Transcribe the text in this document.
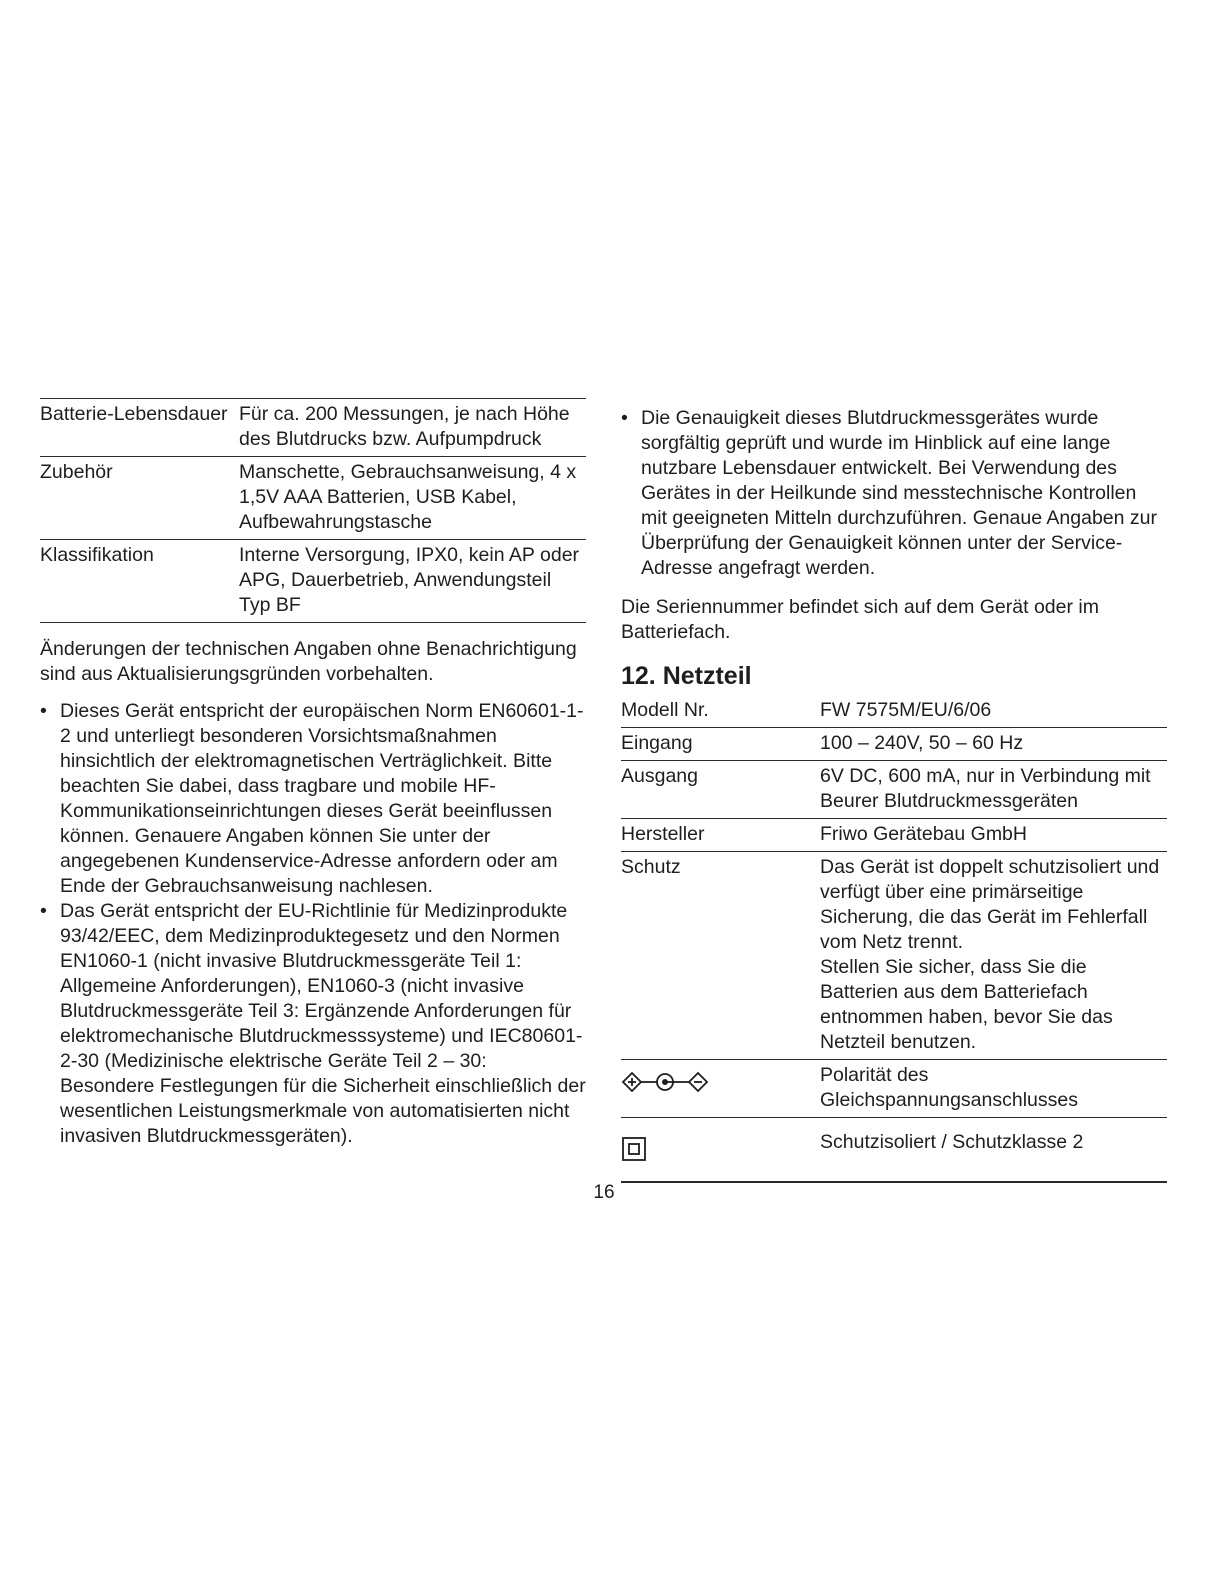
Batterie-Lebensdauer	Für ca. 200 Messungen, je nach Höhe des Blutdrucks bzw. Aufpumpdruck
Zubehör	Manschette, Gebrauchsanweisung, 4 x 1,5V AAA Batterien, USB Kabel, Aufbewahrungstasche
Klassifikation	Interne Versorgung, IPX0, kein AP oder APG, Dauerbetrieb, Anwendungsteil Typ BF

Änderungen der technischen Angaben ohne Benachrichtigung sind aus Aktualisierungsgründen vorbehalten.

• Dieses Gerät entspricht der europäischen Norm EN60601-1-2 und unterliegt besonderen Vorsichtsmaßnahmen hinsichtlich der elektromagnetischen Verträglichkeit. Bitte beachten Sie dabei, dass tragbare und mobile HF-Kommunikationseinrichtungen dieses Gerät beeinflussen können. Genauere Angaben können Sie unter der angegebenen Kundenservice-Adresse anfordern oder am Ende der Gebrauchsanweisung nachlesen.
• Das Gerät entspricht der EU-Richtlinie für Medizinprodukte 93/42/EEC, dem Medizinproduktegesetz und den Normen EN1060-1 (nicht invasive Blutdruckmessgeräte Teil 1: Allgemeine Anforderungen), EN1060-3 (nicht invasive Blutdruckmessgeräte Teil 3: Ergänzende Anforderungen für elektromechanische Blutdruckmesssysteme) und IEC80601-2-30 (Medizinische elektrische Geräte Teil 2 – 30: Besondere Festlegungen für die Sicherheit einschließlich der wesentlichen Leistungsmerkmale von automatisierten nicht invasiven Blutdruckmessgeräten).
• Die Genauigkeit dieses Blutdruckmessgerätes wurde sorgfältig geprüft und wurde im Hinblick auf eine lange nutzbare Lebensdauer entwickelt. Bei Verwendung des Gerätes in der Heilkunde sind messtechnische Kontrollen mit geeigneten Mitteln durchzuführen. Genaue Angaben zur Überprüfung der Genauigkeit können unter der Service-Adresse angefragt werden.

Die Seriennummer befindet sich auf dem Gerät oder im Batteriefach.

12. Netzteil
Modell Nr.	FW 7575M/EU/6/06
Eingang	100 – 240V, 50 – 60 Hz
Ausgang	6V DC, 600 mA, nur in Verbindung mit Beurer Blutdruckmessgeräten
Hersteller	Friwo Gerätebau GmbH
Schutz	Das Gerät ist doppelt schutzisoliert und verfügt über eine primärseitige Sicherung, die das Gerät im Fehlerfall vom Netz trennt.
Stellen Sie sicher, dass Sie die Batterien aus dem Batteriefach entnommen haben, bevor Sie das Netzteil benutzen.

	Polarität des Gleichspannungsanschlusses
	Schutzisoliert / Schutzklasse 2
16
